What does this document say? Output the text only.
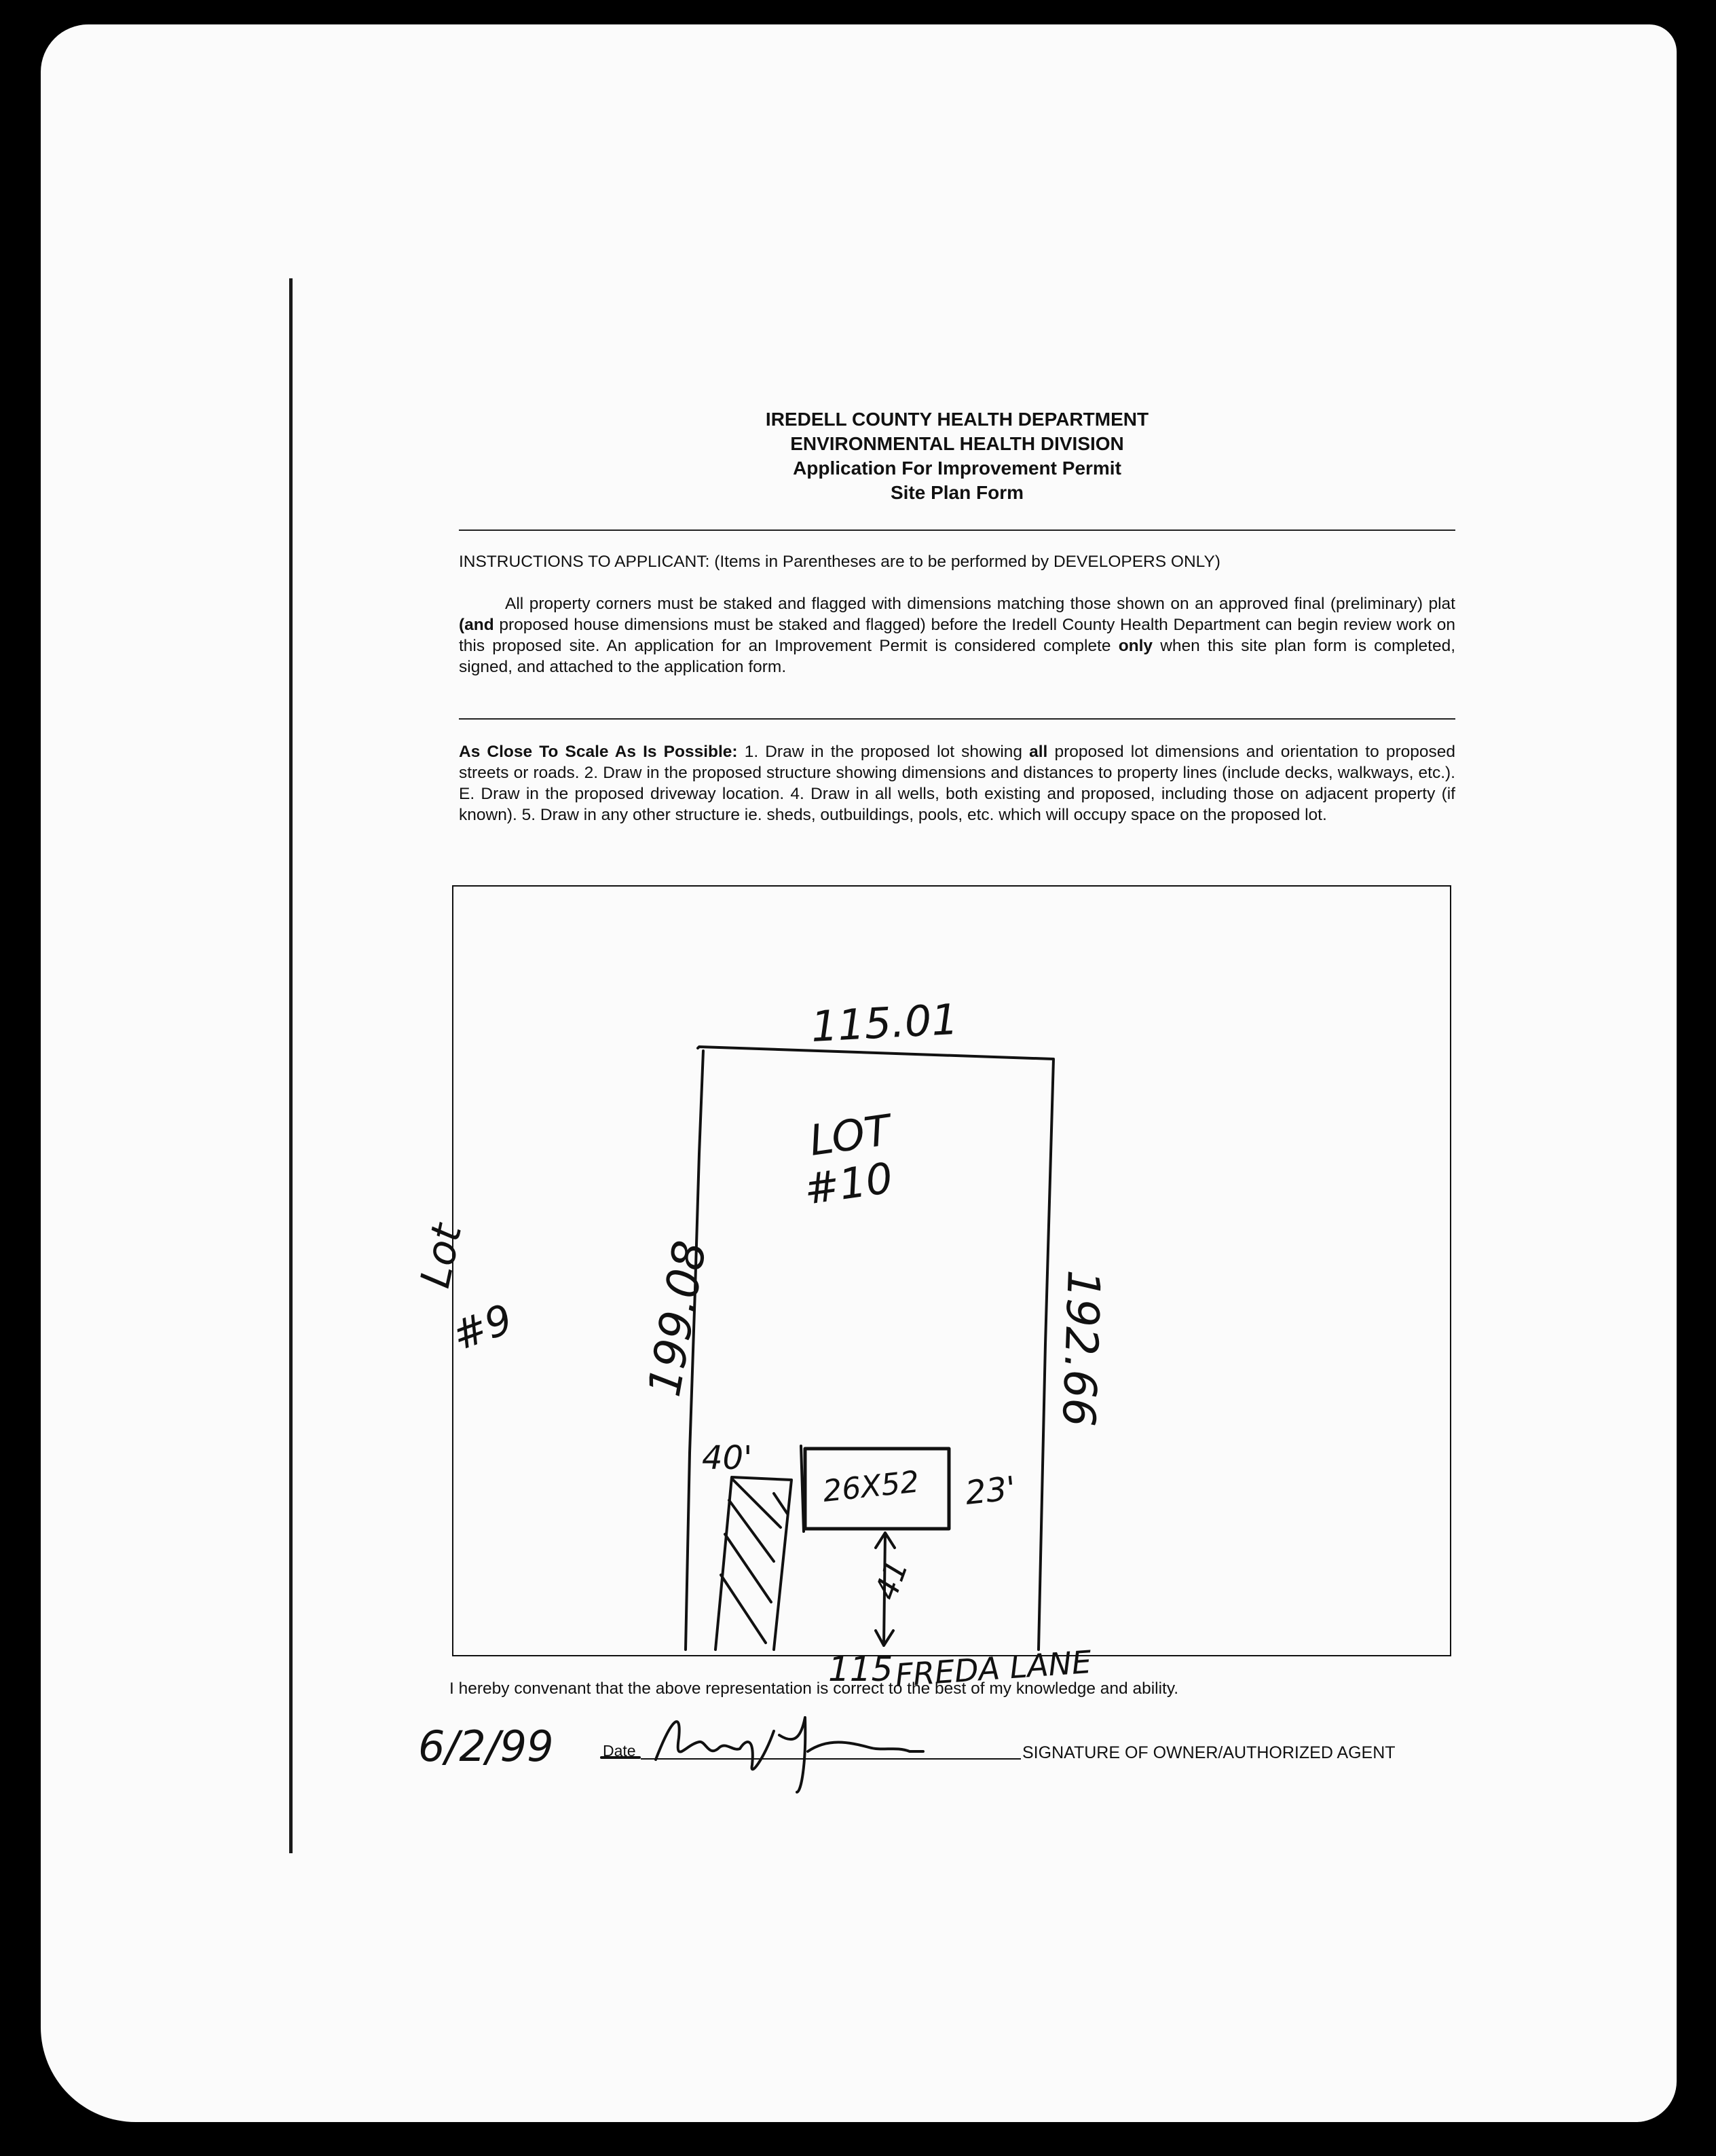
IREDELL COUNTY HEALTH DEPARTMENT
ENVIRONMENTAL HEALTH DIVISION
Application For Improvement Permit
Site Plan Form
INSTRUCTIONS TO APPLICANT: (Items in Parentheses are to be performed by DEVELOPERS ONLY)
All property corners must be staked and flagged with dimensions matching those shown on an approved final (preliminary) plat (and proposed house dimensions must be staked and flagged) before the Iredell County Health Department can begin review work on this proposed site. An application for an Improvement Permit is considered complete only when this site plan form is completed, signed, and attached to the application form.
As Close To Scale As Is Possible: 1. Draw in the proposed lot showing all proposed lot dimensions and orientation to proposed streets or roads. 2. Draw in the proposed structure showing dimensions and distances to property lines (include decks, walkways, etc.). E. Draw in the proposed driveway location. 4. Draw in all wells, both existing and proposed, including those on adjacent property (if known). 5. Draw in any other structure ie. sheds, outbuildings, pools, etc. which will occupy space on the proposed lot.
115.01
LOT
#10
199.08	192.66
Lot
#9
40'
26X52 23'
41
115 FREDA LANE
6/2/99
I hereby convenant that the above representation is correct to the best of my knowledge and ability.
Date	SIGNATURE OF OWNER/AUTHORIZED AGENT
